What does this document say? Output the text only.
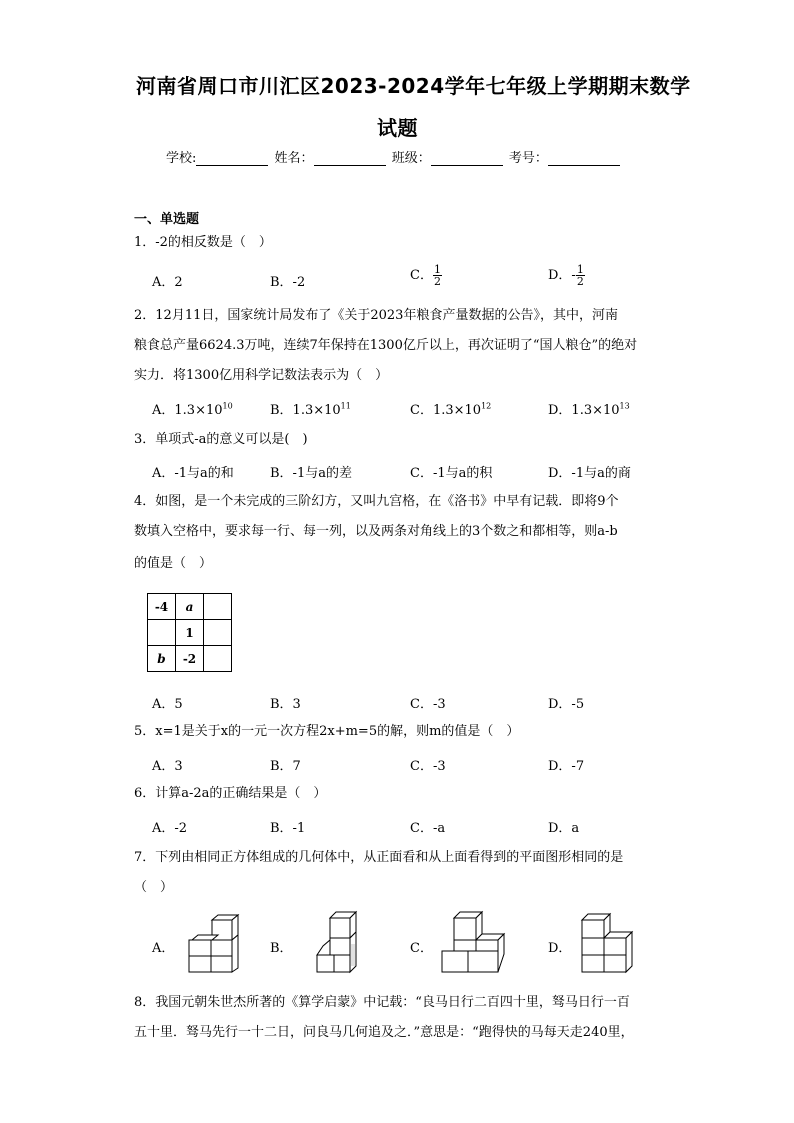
河南省周口市川汇区2023-2024学年七年级上学期期末数学
试题
学校:	姓名：	班级：	考号：
一、单选题
1．-2的相反数是（　）
A．2	B．-2	C． $\frac{1}{2}$	D．- $\frac{1}{2}$
2．12月11日，国家统计局发布了《关于2023年粮食产量数据的公告》，其中，河南
粮食总产量6624.3万吨，连续7年保持在1300亿斤以上，再次证明了“国人粮仓”的绝对
实力．将1300亿用科学记数法表示为（　）
A．$1.3\times 10^{10}$	B．$1.3\times 10^{11}$	C．$1.3\times 10^{12}$	D．$1.3\times 10^{13}$
3．单项式-a的意义可以是(　)
A．-1与a的和	B．-1与a的差	C．-1与a的积	D．-1与a的商
4．如图，是一个未完成的三阶幻方，又叫九宫格，在《洛书》中早有记载．即将9个
数填入空格中，要求每一行、每一列，以及两条对角线上的3个数之和都相等，则a-b
的值是（　）
-4	a	
	1	
b	-2	
A．5	B．3	C．-3	D．-5
5．x=1是关于x的一元一次方程2x+m=5的解，则m的值是（　）
A．3	B．7	C．-3	D．-7
6．计算a-2a的正确结果是（　）
A．-2	B．-1	C．-a	D．a
7．下列由相同正方体组成的几何体中，从正面看和从上面看得到的平面图形相同的是
（　）
A．	B．	C．	D．
8．我国元朝朱世杰所著的《算学启蒙》中记载：“良马日行二百四十里，驽马日行一百
五十里．驽马先行一十二日，问良马几何追及之．”意思是：“跑得快的马每天走240里，
